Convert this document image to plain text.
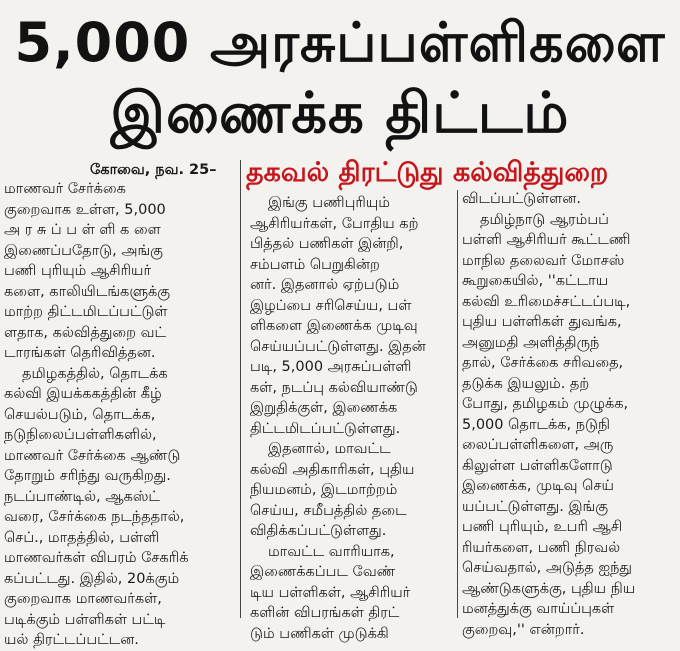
5,000 அரசுப்பள்ளிகளை
இணைக்க திட்டம்
தகவல் திரட்டுது கல்வித்துறை
கோவை, நவ. 25–
மாணவர் சேர்க்கை
குறைவாக உள்ள, 5,000
அ ர சு ப் ப ள் ளி க ளை
இணைப்பதோடு, அங்கு
பணி புரியும் ஆசிரியர்
களை, காலியிடங்களுக்கு
மாற்ற திட்டமிடப்பட்டுள்
ளதாக, கல்வித்துறை வட்
டாரங்கள் தெரிவித்தன.
தமிழகத்தில், தொடக்க
கல்வி இயக்ககத்தின் கீழ்
செயல்படும், தொடக்க,
நடுநிலைப்பள்ளிகளில்,
மாணவர் சேர்க்கை ஆண்டு
தோறும் சரிந்து வருகிறது.
நடப்பாண்டில், ஆகஸ்ட்
வரை, சேர்க்கை நடந்ததால்,
செப்., மாதத்தில், பள்ளி
மாணவர்கள் விபரம் சேகரிக்
கப்பட்டது. இதில், 20க்கும்
குறைவாக மாணவர்கள்,
படிக்கும் பள்ளிகள் பட்டி
யல் திரட்டப்பட்டன.
இங்கு பணிபுரியும்
ஆசிரியர்கள், போதிய கற்
பித்தல் பணிகள் இன்றி,
சம்பளம் பெறுகின்ற
னர். இதனால் ஏற்படும்
இழப்பை சரிசெய்ய, பள்
ளிகளை இணைக்க முடிவு
செய்யப்பட்டுள்ளது. இதன்
படி, 5,000 அரசுப்பள்ளி
கள், நடப்பு கல்வியாண்டு
இறுதிக்குள், இணைக்க
திட்டமிடப்பட்டுள்ளது.
இதனால், மாவட்ட
கல்வி அதிகாரிகள், புதிய
நியமனம், இடமாற்றம்
செய்ய, சமீபத்தில் தடை
விதிக்கப்பட்டுள்ளது.
மாவட்ட வாரியாக,
இணைக்கப்பட வேண்
டிய பள்ளிகள், ஆசிரியர்
களின் விபரங்கள் திரட்
டும் பணிகள் முடுக்கி
விடப்பட்டுள்ளன.
தமிழ்நாடு ஆரம்பப்
பள்ளி ஆசிரியர் கூட்டணி
மாநில தலைவர் மோசஸ்
கூறுகையில், ''கட்டாய
கல்வி உரிமைச்சட்டப்படி,
புதிய பள்ளிகள் துவங்க,
அனுமதி அளித்திருந்
தால், சேர்க்கை சரிவதை,
தடுக்க இயலும். தற்
போது, தமிழகம் முழுக்க,
5,000 தொடக்க, நடுநி
லைப்பள்ளிகளை, அரு
கிலுள்ள பள்ளிகளோடு
இணைக்க, முடிவு செய்
யப்பட்டுள்ளது. இங்கு
பணி புரியும், உபரி ஆசி
ரியர்களை, பணி நிரவல்
செய்வதால், அடுத்த ஐந்து
ஆண்டுகளுக்கு, புதிய நிய
மனத்துக்கு வாய்ப்புகள்
குறைவு,'' என்றார்.
